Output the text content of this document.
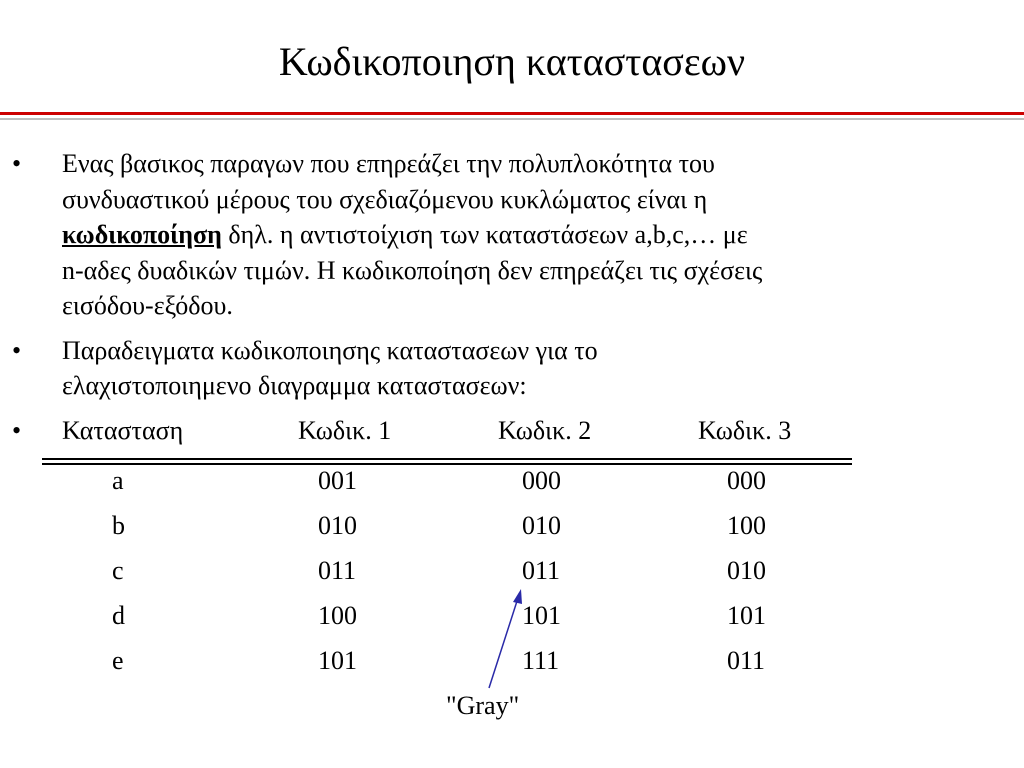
Κωδικοποιηση καταστασεων
• Ενας βασικος παραγων που επηρεάζει την πολυπλοκότητα του
συνδυαστικού μέρους του σχεδιαζόμενου κυκλώματος είναι η
κωδικοποίηση δηλ. η αντιστοίχιση των καταστάσεων a,b,c,… με
n-αδες δυαδικών τιμών. Η κωδικοποίηση δεν επηρεάζει τις σχέσεις
εισόδου-εξόδου.
• Παραδειγματα κωδικοποιησης καταστασεων για το
ελαχιστοποιημενο διαγραμμα καταστασεων:
• Κατασταση	Κωδικ. 1	Κωδικ. 2	Κωδικ. 3
a	001	000	000
b	010	010	100
c	011	011	010
d	100	101	101
e	101	111	011
"Gray"
